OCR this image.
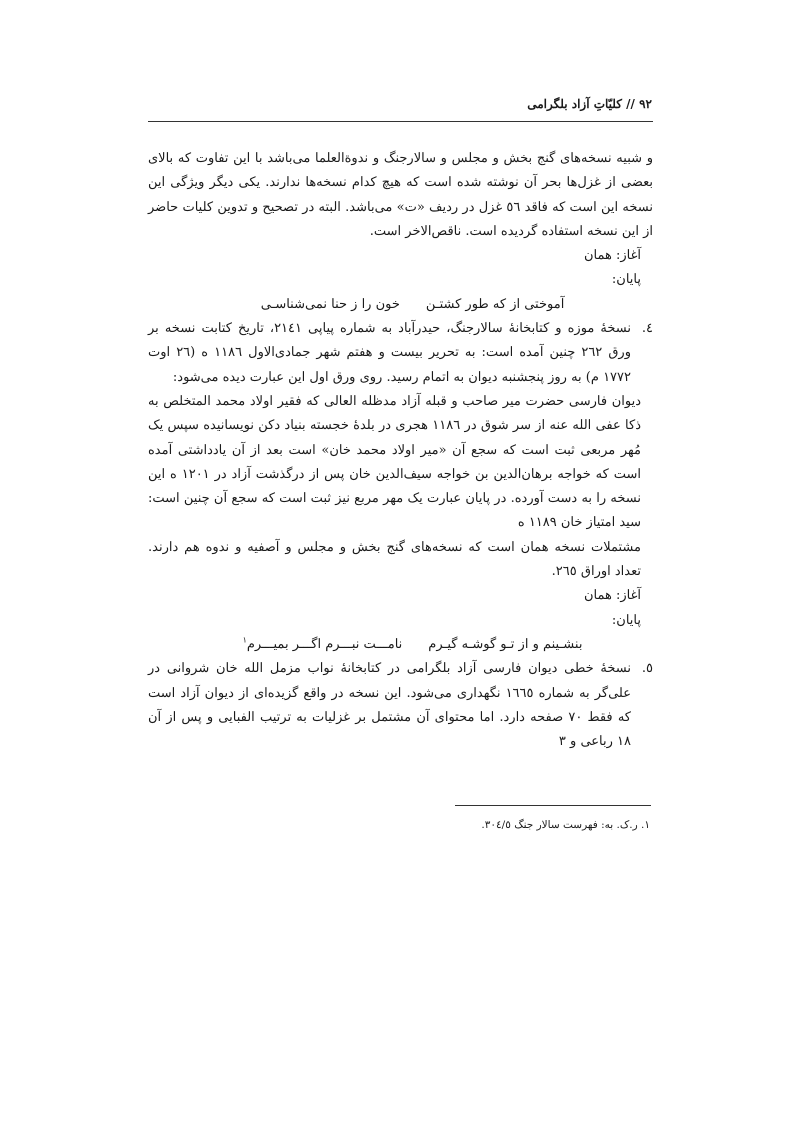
۹۲ // کلیّاتِ آزاد بلگرامی

و شبیه نسخه‌های گنج بخش و مجلس و سالارجنگ و ندوةالعلما می‌باشد با این تفاوت که بالای بعضی از غزل‌ها بحر آن نوشته شده است که هیچ کدام نسخه‌ها ندارند. یکی دیگر ویژگی این نسخه این است که فاقد ٥٦ غزل در ردیف «ت» می‌باشد. البته در تصحیح و تدوین کلیات حاضر از این نسخه استفاده گردیده است. ناقص‌الاخر است.

آغاز: همان

پایان:

آموختی از که طور کشتـنخون را ز حنا نمی‌شناسـی

٤.
نسخهٔ موزه و کتابخانهٔ سالارجنگ، حیدرآباد به شماره پیاپی ٢١٤١، تاریخ کتابت نسخه بر ورق ٢٦٢ چنین آمده است: به تحریر بیست و هفتم شهر جمادی‌الاول ١١٨٦ ه (٢٦ اوت ١٧٧٢ م) به روز پنجشنبه دیوان به اتمام رسید. روی ورق اول این عبارت دیده می‌شود:

دیوان فارسی حضرت میر صاحب و قبله آزاد مدظله العالی که فقیر اولاد محمد المتخلص به ذکا عفی الله عنه از سر شوق در ١١٨٦ هجری در بلدهٔ خجسته بنیاد دکن نویسانیده سپس یک مُهر مربعی ثبت است که سجع آن «میر اولاد محمد خان» است بعد از آن یادداشتی آمده است که خواجه برهان‌الدین بن خواجه سیف‌الدین خان پس از درگذشت آزاد در ١٢٠١ ه این نسخه را به دست آورده. در پایان عبارت یک مهر مربع نیز ثبت است که سجع آن چنین است: سید امتیاز خان ١١٨٩ ه

مشتملات نسخه همان است که نسخه‌های گنج بخش و مجلس و آصفیه و ندوه هم دارند. تعداد اوراق ٢٦٥.

آغاز: همان

پایان:

بنشـینم و از تـو گوشـه گیـرمنامـــت نبـــرم اگـــر بمیـــرم$^١$

٥.
نسخهٔ خطی دیوان فارسی آزاد بلگرامی در کتابخانهٔ نواب مزمل الله خان شروانی در علی‌گر به شماره ١٦٦٥ نگهداری می‌شود. این نسخه در واقع گزیده‌ای از دیوان آزاد است که فقط ٧٠ صفحه دارد. اما محتوای آن مشتمل بر غزلیات به ترتیب الفبایی و پس از آن ١٨ رباعی و ٣
١. ر.ک. به: فهرست سالار جنگ ٣٠٤/٥.
